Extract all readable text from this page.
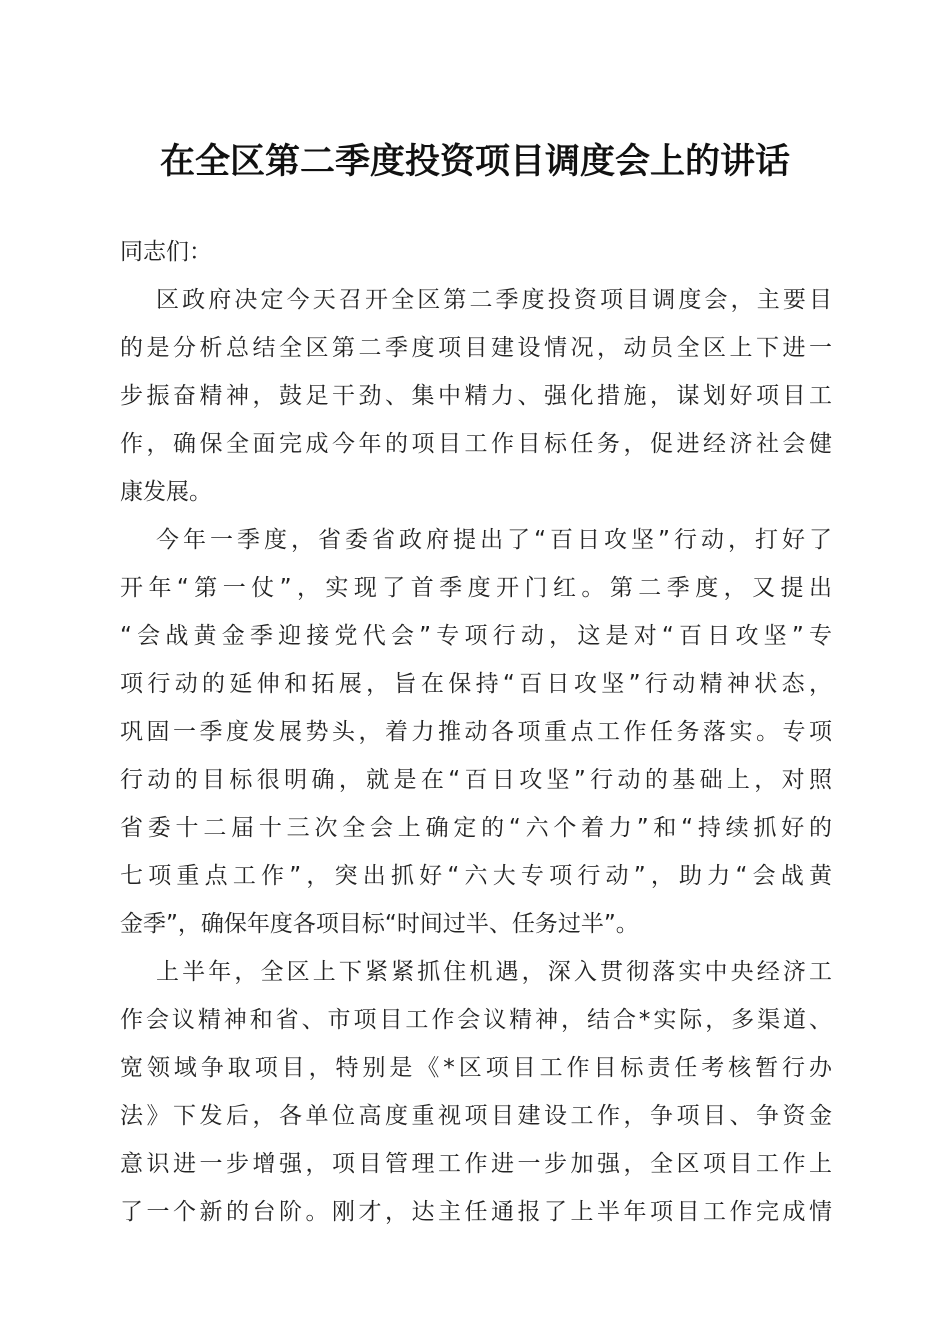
在全区第二季度投资项目调度会上的讲话
同志们：
区政府决定今天召开全区第二季度投资项目调度会，主要目
的是分析总结全区第二季度项目建设情况，动员全区上下进一
步振奋精神，鼓足干劲、集中精力、强化措施，谋划好项目工
作，确保全面完成今年的项目工作目标任务，促进经济社会健
康发展。
今年一季度，省委省政府提出了“百日攻坚”行动，打好了
开年“第一仗”，实现了首季度开门红。第二季度，又提出
“会战黄金季迎接党代会”专项行动，这是对“百日攻坚”专
项行动的延伸和拓展，旨在保持“百日攻坚”行动精神状态，
巩固一季度发展势头，着力推动各项重点工作任务落实。专项
行动的目标很明确，就是在“百日攻坚”行动的基础上，对照
省委十二届十三次全会上确定的“六个着力”和“持续抓好的
七项重点工作”，突出抓好“六大专项行动”，助力“会战黄
金季”，确保年度各项目标“时间过半、任务过半”。
上半年，全区上下紧紧抓住机遇，深入贯彻落实中央经济工
作会议精神和省、市项目工作会议精神，结合*实际，多渠道、
宽领域争取项目，特别是《*区项目工作目标责任考核暂行办
法》下发后，各单位高度重视项目建设工作，争项目、争资金
意识进一步增强，项目管理工作进一步加强，全区项目工作上
了一个新的台阶。刚才，达主任通报了上半年项目工作完成情
